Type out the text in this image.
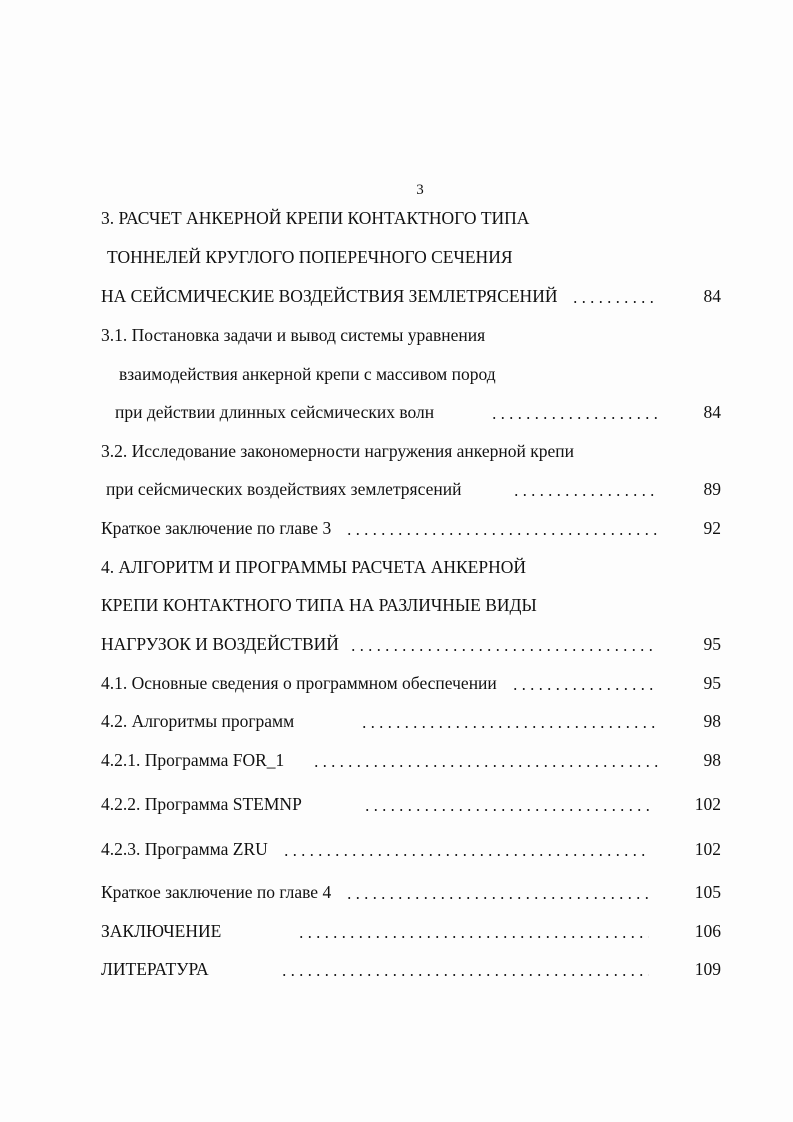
3
3. РАСЧЕТ АНКЕРНОЙ КРЕПИ КОНТАКТНОГО ТИПА
ТОННЕЛЕЙ КРУГЛОГО ПОПЕРЕЧНОГО СЕЧЕНИЯ
НА СЕЙСМИЧЕСКИЕ ВОЗДЕЙСТВИЯ ЗЕМЛЕТРЯСЕНИЙ	84
3.1. Постановка задачи и вывод системы уравнения
взаимодействия анкерной крепи с массивом пород
при действии длинных сейсмических волн	84
3.2. Исследование закономерности нагружения анкерной крепи
при сейсмических воздействиях землетрясений	89
Краткое заключение по главе 3	92
4. АЛГОРИТМ И ПРОГРАММЫ РАСЧЕТА АНКЕРНОЙ
КРЕПИ КОНТАКТНОГО ТИПА НА РАЗЛИЧНЫЕ ВИДЫ
НАГРУЗОК И ВОЗДЕЙСТВИЙ	95
4.1. Основные сведения о программном обеспечении	95
4.2. Алгоритмы программ	98
4.2.1. Программа FOR_1	98
4.2.2. Программа STEMNP	102
4.2.3. Программа ZRU	102
Краткое заключение по главе 4	105
ЗАКЛЮЧЕНИЕ	106
ЛИТЕРАТУРА	109
